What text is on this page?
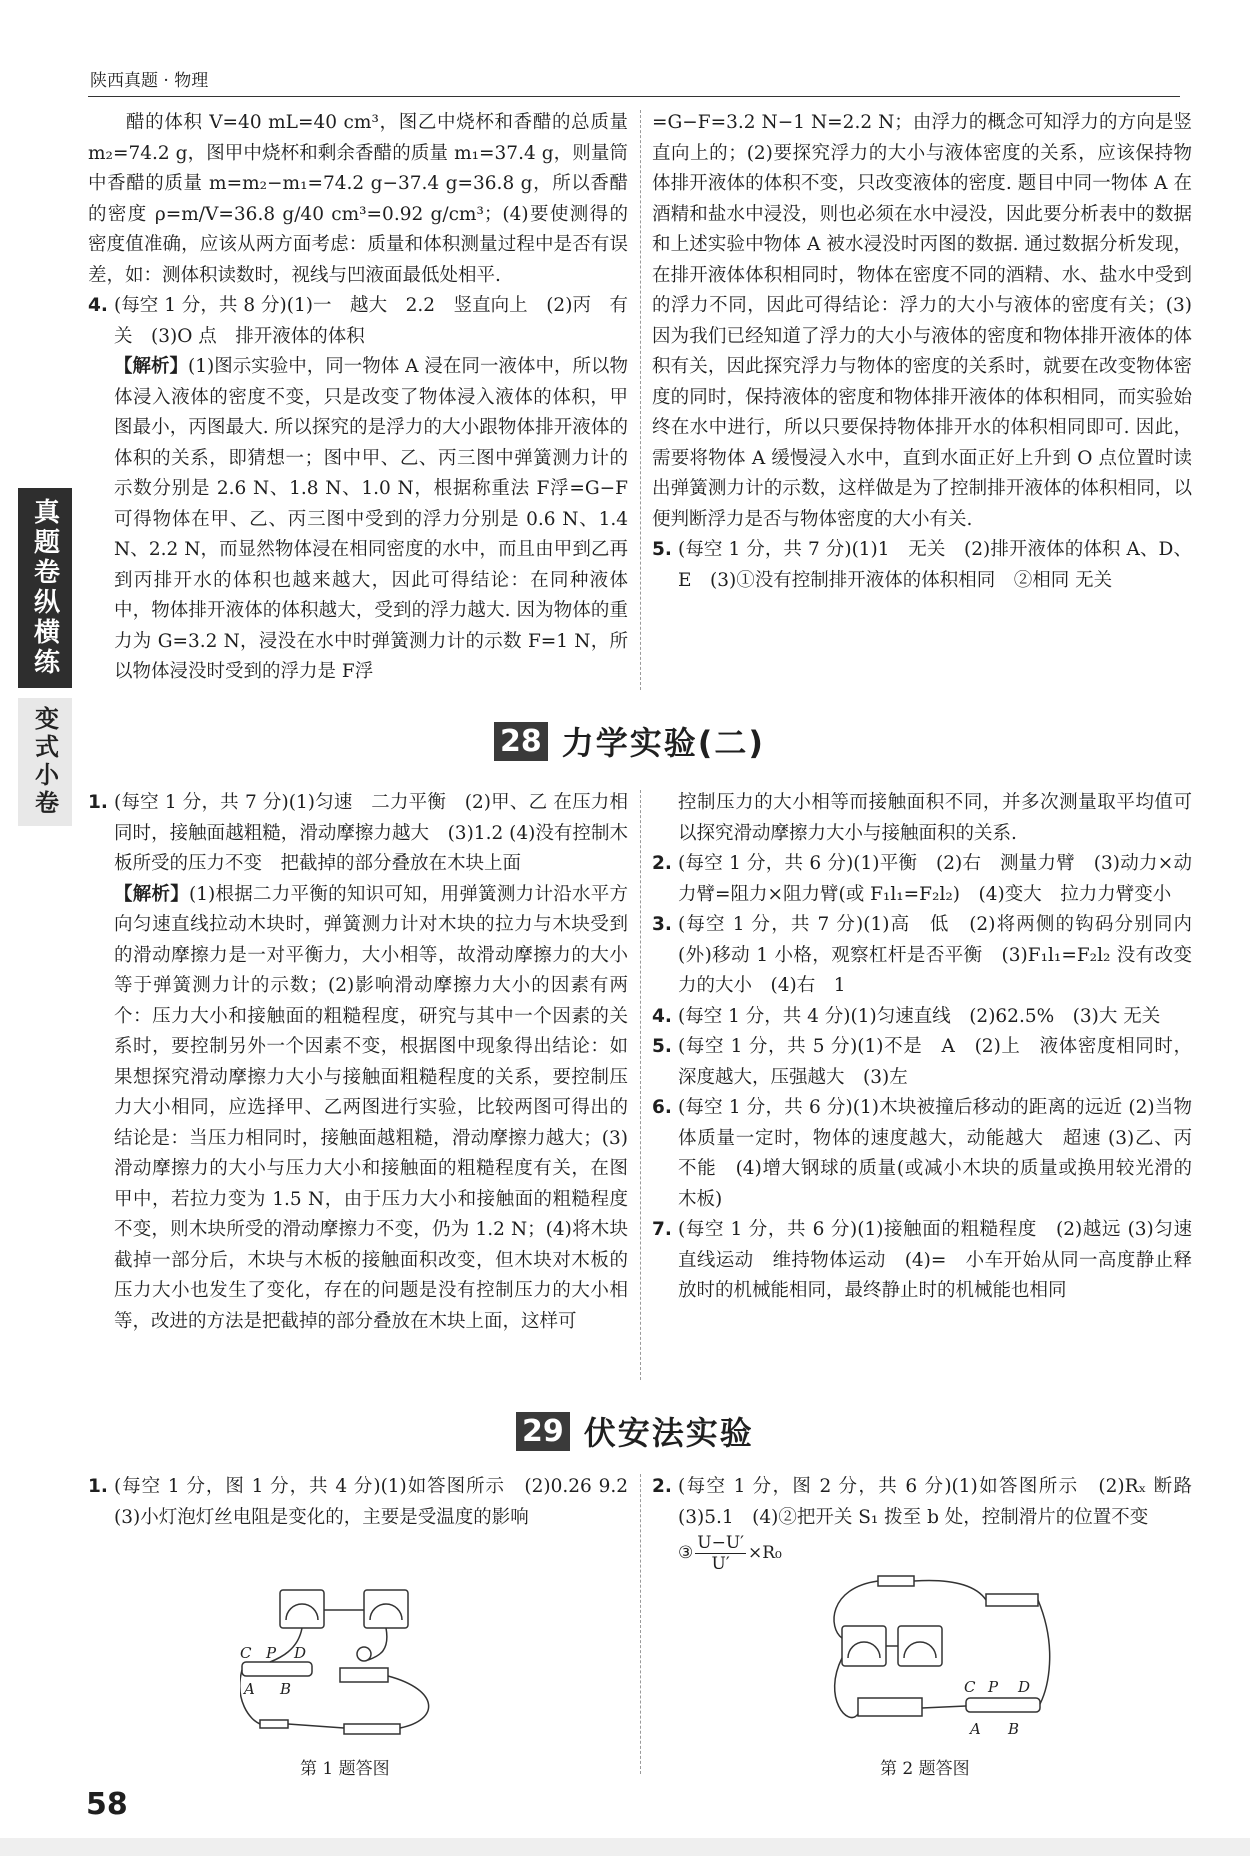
陕西真题 · 物理
真题卷纵横练
变式小卷

醋的体积 V=40 mL=40 cm³，图乙中烧杯和香醋的总质量 m₂=74.2 g，图甲中烧杯和剩余香醋的质量 m₁=37.4 g，则量筒中香醋的质量 m=m₂−m₁=74.2 g−37.4 g=36.8 g，所以香醋的密度 ρ=m/V=36.8 g/40 cm³=0.92 g/cm³；(4)要使测得的密度值准确，应该从两方面考虑：质量和体积测量过程中是否有误差，如：测体积读数时，视线与凹液面最低处相平.

4. (每空 1 分，共 8 分)(1)一　越大　2.2　竖直向上　(2)丙　有关　(3)O 点　排开液体的体积

【解析】(1)图示实验中，同一物体 A 浸在同一液体中，所以物体浸入液体的密度不变，只是改变了物体浸入液体的体积，甲图最小，丙图最大. 所以探究的是浮力的大小跟物体排开液体的体积的关系，即猜想一；图中甲、乙、丙三图中弹簧测力计的示数分别是 2.6 N、1.8 N、1.0 N，根据称重法 F浮=G−F 可得物体在甲、乙、丙三图中受到的浮力分别是 0.6 N、1.4 N、2.2 N，而显然物体浸在相同密度的水中，而且由甲到乙再到丙排开水的体积也越来越大，因此可得结论：在同种液体中，物体排开液体的体积越大，受到的浮力越大. 因为物体的重力为 G=3.2 N，浸没在水中时弹簧测力计的示数 F=1 N，所以物体浸没时受到的浮力是 F浮

=G−F=3.2 N−1 N=2.2 N；由浮力的概念可知浮力的方向是竖直向上的；(2)要探究浮力的大小与液体密度的关系，应该保持物体排开液体的体积不变，只改变液体的密度. 题目中同一物体 A 在酒精和盐水中浸没，则也必须在水中浸没，因此要分析表中的数据和上述实验中物体 A 被水浸没时丙图的数据. 通过数据分析发现，在排开液体体积相同时，物体在密度不同的酒精、水、盐水中受到的浮力不同，因此可得结论：浮力的大小与液体的密度有关；(3)因为我们已经知道了浮力的大小与液体的密度和物体排开液体的体积有关，因此探究浮力与物体的密度的关系时，就要在改变物体密度的同时，保持液体的密度和物体排开液体的体积相同，而实验始终在水中进行，所以只要保持物体排开水的体积相同即可. 因此，需要将物体 A 缓慢浸入水中，直到水面正好上升到 O 点位置时读出弹簧测力计的示数，这样做是为了控制排开液体的体积相同，以便判断浮力是否与物体密度的大小有关.

5. (每空 1 分，共 7 分)(1)1　无关　(2)排开液体的体积 A、D、E　(3)①没有控制排开液体的体积相同　②相同 无关
28 力学实验(二)
1. (每空 1 分，共 7 分)(1)匀速　二力平衡　(2)甲、乙 在压力相同时，接触面越粗糙，滑动摩擦力越大　(3)1.2 (4)没有控制木板所受的压力不变　把截掉的部分叠放在木块上面

【解析】(1)根据二力平衡的知识可知，用弹簧测力计沿水平方向匀速直线拉动木块时，弹簧测力计对木块的拉力与木块受到的滑动摩擦力是一对平衡力，大小相等，故滑动摩擦力的大小等于弹簧测力计的示数；(2)影响滑动摩擦力大小的因素有两个：压力大小和接触面的粗糙程度，研究与其中一个因素的关系时，要控制另外一个因素不变，根据图中现象得出结论：如果想探究滑动摩擦力大小与接触面粗糙程度的关系，要控制压力大小相同，应选择甲、乙两图进行实验，比较两图可得出的结论是：当压力相同时，接触面越粗糙，滑动摩擦力越大；(3)滑动摩擦力的大小与压力大小和接触面的粗糙程度有关，在图甲中，若拉力变为 1.5 N，由于压力大小和接触面的粗糙程度不变，则木块所受的滑动摩擦力不变，仍为 1.2 N；(4)将木块截掉一部分后，木块与木板的接触面积改变，但木块对木板的压力大小也发生了变化，存在的问题是没有控制压力的大小相等，改进的方法是把截掉的部分叠放在木块上面，这样可

控制压力的大小相等而接触面积不同，并多次测量取平均值可以探究滑动摩擦力大小与接触面积的关系.

2. (每空 1 分，共 6 分)(1)平衡　(2)右　测量力臂　(3)动力×动力臂=阻力×阻力臂(或 F₁l₁=F₂l₂)　(4)变大　拉力力臂变小
3. (每空 1 分，共 7 分)(1)高　低　(2)将两侧的钩码分别同内(外)移动 1 小格，观察杠杆是否平衡　(3)F₁l₁=F₂l₂ 没有改变力的大小　(4)右　1
4. (每空 1 分，共 4 分)(1)匀速直线　(2)62.5%　(3)大 无关
5. (每空 1 分，共 5 分)(1)不是　A　(2)上　液体密度相同时，深度越大，压强越大　(3)左
6. (每空 1 分，共 6 分)(1)木块被撞后移动的距离的远近 (2)当物体质量一定时，物体的速度越大，动能越大　超速 (3)乙、丙　不能　(4)增大钢球的质量(或减小木块的质量或换用较光滑的木板)
7. (每空 1 分，共 6 分)(1)接触面的粗糙程度　(2)越远 (3)匀速直线运动　维持物体运动　(4)=　小车开始从同一高度静止释放时的机械能相同，最终静止时的机械能也相同
29 伏安法实验
1. (每空 1 分，图 1 分，共 4 分)(1)如答图所示　(2)0.26 9.2　(3)小灯泡灯丝电阻是变化的，主要是受温度的影响
2. (每空 1 分，图 2 分，共 6 分)(1)如答图所示　(2)Rₓ 断路 (3)5.1　(4)②把开关 S₁ 拨至 b 处，控制滑片的位置不变
③ $\frac{U-U'}{U'} \times R_0$
C P D
A B
第 1 题答图
C P D
A B
第 2 题答图
58
